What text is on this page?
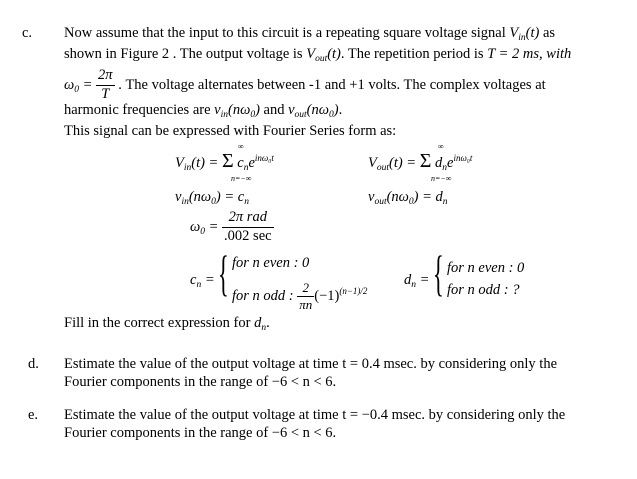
c. Now assume that the input to this circuit is a repeating square voltage signal $V_{in}(t)$ as
shown in Figure 2 . The output voltage is $V_{out}(t)$. The repetition period is T = 2 ms, with
$\omega_0 = \frac{2\pi}{T}$ . The voltage alternates between -1 and +1 volts. The complex voltages at
harmonic frequencies are $v_{in}(n\omega_0)$ and $v_{out}(n\omega_0)$.
This signal can be expressed with Fourier Series form as:
$V_{in}(t) = \Sigma$ $c_ne^{in\omega_0t}$
∞
n=−∞
$V_{out}(t) = \Sigma$ $d_ne^{in\omega_0t}$
∞
n=−∞
$v_{in}(n\omega_0) = c_n$	$v_{out}(n\omega_0) = d_n$
$\omega_0 = \frac{\text{2π rad}}{.002 \sec}$
$c_n$ = { for n even : 0
for n odd : $\frac{2}{\pi n} (-1)^{(n-1)/2}$
$d_n$ = { for n even : 0
for n odd : ?
Fill in the correct expression for $d_n$.
d. Estimate the value of the output voltage at time t = 0.4 msec. by considering only the
Fourier components in the range of −6 < n < 6.
e. Estimate the value of the output voltage at time t = −0.4 msec. by considering only the
Fourier components in the range of −6 < n < 6.
